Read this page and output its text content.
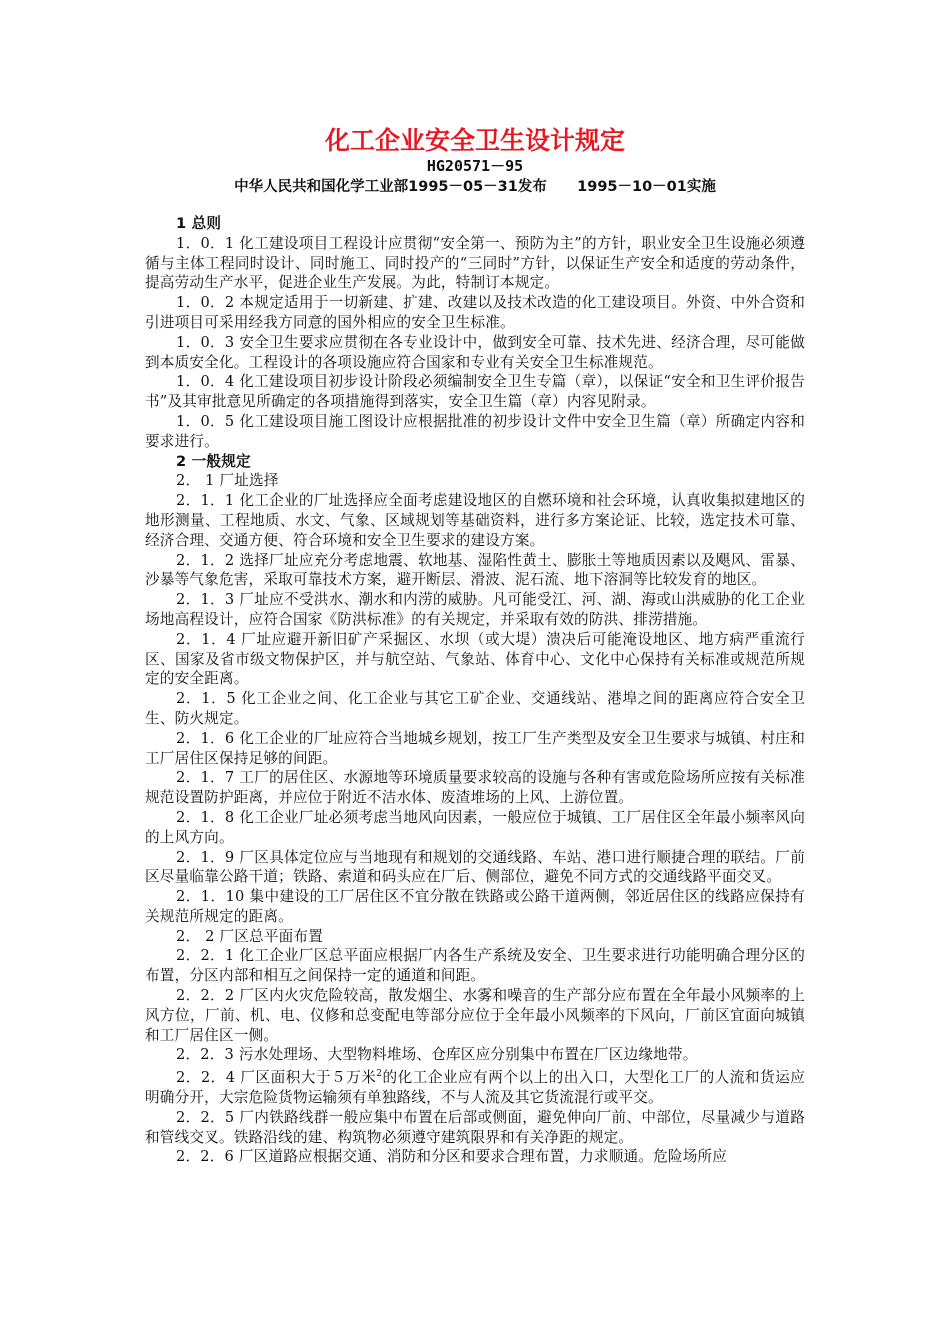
化工企业安全卫生设计规定
HG20571－95
中华人民共和国化学工业部1995－05－31发布      1995－10－01实施

1 总则

1．0．1 化工建设项目工程设计应贯彻“安全第一、预防为主”的方针，职业安全卫生设施必须遵循与主体工程同时设计、同时施工、同时投产的“三同时”方针，以保证生产安全和适度的劳动条件，提高劳动生产水平，促进企业生产发展。为此，特制订本规定。

1．0．2 本规定适用于一切新建、扩建、改建以及技术改造的化工建设项目。外资、中外合资和引进项目可采用经我方同意的国外相应的安全卫生标准。

1．0．3 安全卫生要求应贯彻在各专业设计中，做到安全可靠、技术先进、经济合理，尽可能做到本质安全化。工程设计的各项设施应符合国家和专业有关安全卫生标准规范。

1．0．4 化工建设项目初步设计阶段必须编制安全卫生专篇（章），以保证“安全和卫生评价报告书”及其审批意见所确定的各项措施得到落实，安全卫生篇（章）内容见附录。

1．0．5 化工建设项目施工图设计应根据批准的初步设计文件中安全卫生篇（章）所确定内容和要求进行。

2 一般规定

2． 1 厂址选择

2．1．1 化工企业的厂址选择应全面考虑建设地区的自燃环境和社会环境，认真收集拟建地区的地形测量、工程地质、水文、气象、区域规划等基础资料，进行多方案论证、比较，选定技术可靠、经济合理、交通方便、符合环境和安全卫生要求的建设方案。

2．1．2 选择厂址应充分考虑地震、软地基、湿陷性黄土、膨胀土等地质因素以及飓风、雷暴、沙暴等气象危害，采取可靠技术方案，避开断层、滑波、泥石流、地下溶洞等比较发育的地区。

2．1．3 厂址应不受洪水、潮水和内涝的威胁。凡可能受江、河、湖、海或山洪威胁的化工企业场地高程设计，应符合国家《防洪标准》的有关规定，并采取有效的防洪、排涝措施。

2．1．4 厂址应避开新旧矿产采掘区、水坝（或大堤）溃决后可能淹设地区、地方病严重流行区、国家及省市级文物保护区，并与航空站、气象站、体育中心、文化中心保持有关标准或规范所规定的安全距离。

2．1．5 化工企业之间、化工企业与其它工矿企业、交通线站、港埠之间的距离应符合安全卫生、防火规定。

2．1．6 化工企业的厂址应符合当地城乡规划，按工厂生产类型及安全卫生要求与城镇、村庄和工厂居住区保持足够的间距。

2．1．7 工厂的居住区、水源地等环境质量要求较高的设施与各种有害或危险场所应按有关标准规范设置防护距离，并应位于附近不洁水体、废渣堆场的上风、上游位置。

2．1．8 化工企业厂址必须考虑当地风向因素，一般应位于城镇、工厂居住区全年最小频率风向的上风方向。

2．1．9 厂区具体定位应与当地现有和规划的交通线路、车站、港口进行顺捷合理的联结。厂前区尽量临靠公路干道；铁路、索道和码头应在厂后、侧部位，避免不同方式的交通线路平面交叉。

2．1．10 集中建设的工厂居住区不宜分散在铁路或公路干道两侧，邻近居住区的线路应保持有关规范所规定的距离。

2． 2 厂区总平面布置

2．2．1 化工企业厂区总平面应根据厂内各生产系统及安全、卫生要求进行功能明确合理分区的布置，分区内部和相互之间保持一定的通道和间距。

2．2．2 厂区内火灾危险较高，散发烟尘、水雾和噪音的生产部分应布置在全年最小风频率的上风方位，厂前、机、电、仪修和总变配电等部分应位于全年最小风频率的下风向，厂前区宜面向城镇和工厂居住区一侧。

2．2．3 污水处理场、大型物料堆场、仓库区应分别集中布置在厂区边缘地带。

2．2．4 厂区面积大于５万米$^2$的化工企业应有两个以上的出入口，大型化工厂的人流和货运应明确分开，大宗危险货物运输须有单独路线，不与人流及其它货流混行或平交。

2．2．5 厂内铁路线群一般应集中布置在后部或侧面，避免伸向厂前、中部位，尽量减少与道路和管线交叉。铁路沿线的建、构筑物必须遵守建筑限界和有关净距的规定。

2．2．6 厂区道路应根据交通、消防和分区和要求合理布置，力求顺通。危险场所应
